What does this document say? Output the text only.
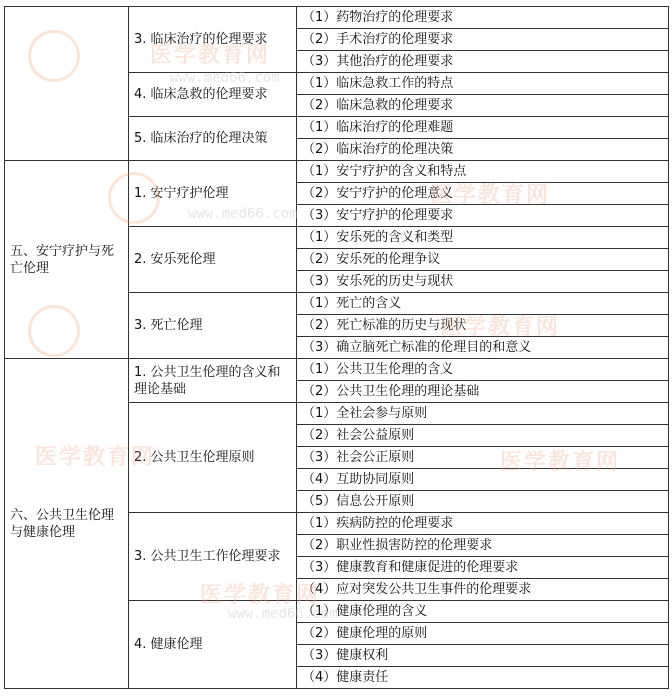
	3. 临床治疗的伦理要求	（1）药物治疗的伦理要求
		（2）手术治疗的伦理要求
		（3）其他治疗的伦理要求
	4. 临床急救的伦理要求	（1）临床急救工作的特点
		（2）临床急救的伦理要求
	5. 临床治疗的伦理决策	（1）临床治疗的伦理难题
		（2）临床治疗的伦理决策
五、安宁疗护与死亡伦理	1. 安宁疗护伦理	（1）安宁疗护的含义和特点
		（2）安宁疗护的伦理意义
		（3）安宁疗护的伦理要求
	2. 安乐死伦理	（1）安乐死的含义和类型
		（2）安乐死的伦理争议
		（3）安乐死的历史与现状
	3. 死亡伦理	（1）死亡的含义
		（2）死亡标准的历史与现状
		（3）确立脑死亡标准的伦理目的和意义
六、公共卫生伦理与健康伦理	1. 公共卫生伦理的含义和理论基础	（1）公共卫生伦理的含义
		（2）公共卫生伦理的理论基础
	2. 公共卫生伦理原则	（1）全社会参与原则
		（2）社会公益原则
		（3）社会公正原则
		（4）互助协同原则
		（5）信息公开原则
	3. 公共卫生工作伦理要求	（1）疾病防控的伦理要求
		（2）职业性损害防控的伦理要求
		（3）健康教育和健康促进的伦理要求
		（4）应对突发公共卫生事件的伦理要求
	4. 健康伦理	（1）健康伦理的含义
		（2）健康伦理的原则
		（3）健康权利
		（4）健康责任
医学教育网
www.med66.com
医学教育网
www.med66.com
医学教育网
医学教育网	医学教育网
医学教育网
www.med66.com
